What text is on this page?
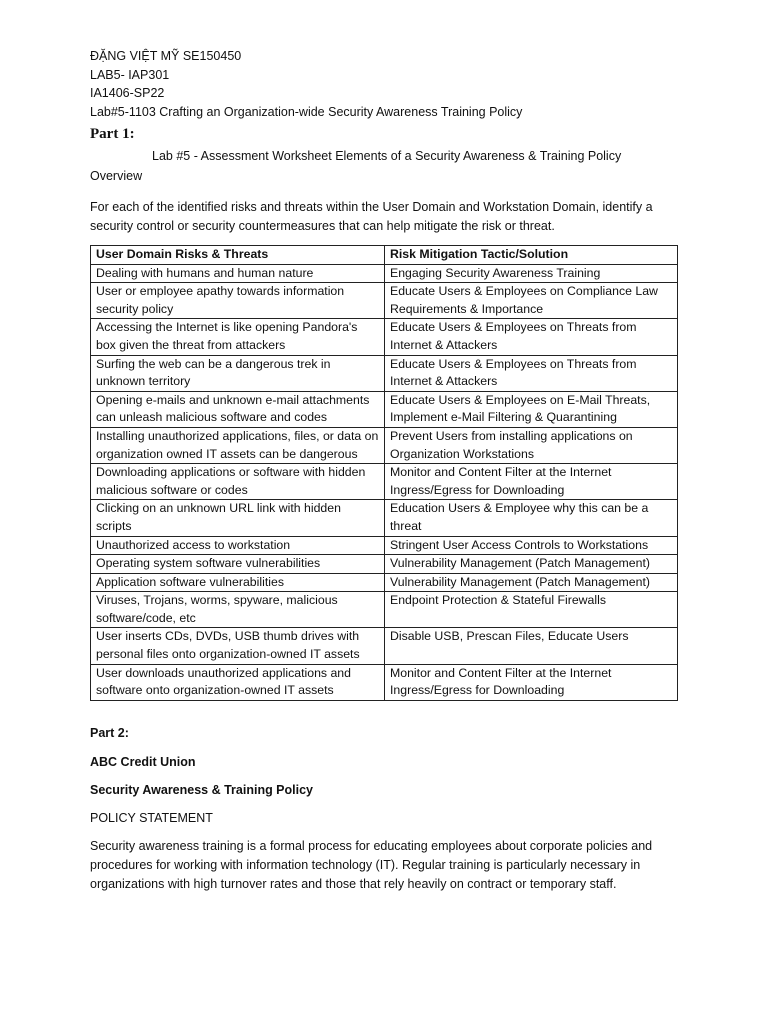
ĐẶNG VIỆT MỸ SE150450
LAB5- IAP301
IA1406-SP22
Lab#5-1103 Crafting an Organization-wide Security Awareness Training Policy
Part 1:
Lab #5 - Assessment Worksheet Elements of a Security Awareness & Training Policy
Overview
For each of the identified risks and threats within the User Domain and Workstation Domain, identify a security control or security countermeasures that can help mitigate the risk or threat.
User Domain Risks & Threats	Risk Mitigation Tactic/Solution
Dealing with humans and human nature	Engaging Security Awareness Training
User or employee apathy towards information security policy	Educate Users & Employees on Compliance Law Requirements & Importance
Accessing the Internet is like opening Pandora's box given the threat from attackers	Educate Users & Employees on Threats from Internet & Attackers
Surfing the web can be a dangerous trek in unknown territory	Educate Users & Employees on Threats from Internet & Attackers
Opening e-mails and unknown e-mail attachments can unleash malicious software and codes	Educate Users & Employees on E-Mail Threats, Implement e-Mail Filtering & Quarantining
Installing unauthorized applications, files, or data on organization owned IT assets can be dangerous	Prevent Users from installing applications on Organization Workstations
Downloading applications or software with hidden malicious software or codes	Monitor and Content Filter at the Internet Ingress/Egress for Downloading
Clicking on an unknown URL link with hidden scripts	Education Users & Employee why this can be a threat
Unauthorized access to workstation	Stringent User Access Controls to Workstations
Operating system software vulnerabilities	Vulnerability Management (Patch Management)
Application software vulnerabilities	Vulnerability Management (Patch Management)
Viruses, Trojans, worms, spyware, malicious software/code, etc	Endpoint Protection & Stateful Firewalls
User inserts CDs, DVDs, USB thumb drives with personal files onto organization-owned IT assets	Disable USB, Prescan Files, Educate Users
User downloads unauthorized applications and software onto organization-owned IT assets	Monitor and Content Filter at the Internet Ingress/Egress for Downloading
Part 2:
ABC Credit Union
Security Awareness & Training Policy
POLICY STATEMENT
Security awareness training is a formal process for educating employees about corporate policies and procedures for working with information technology (IT). Regular training is particularly necessary in organizations with high turnover rates and those that rely heavily on contract or temporary staff.
